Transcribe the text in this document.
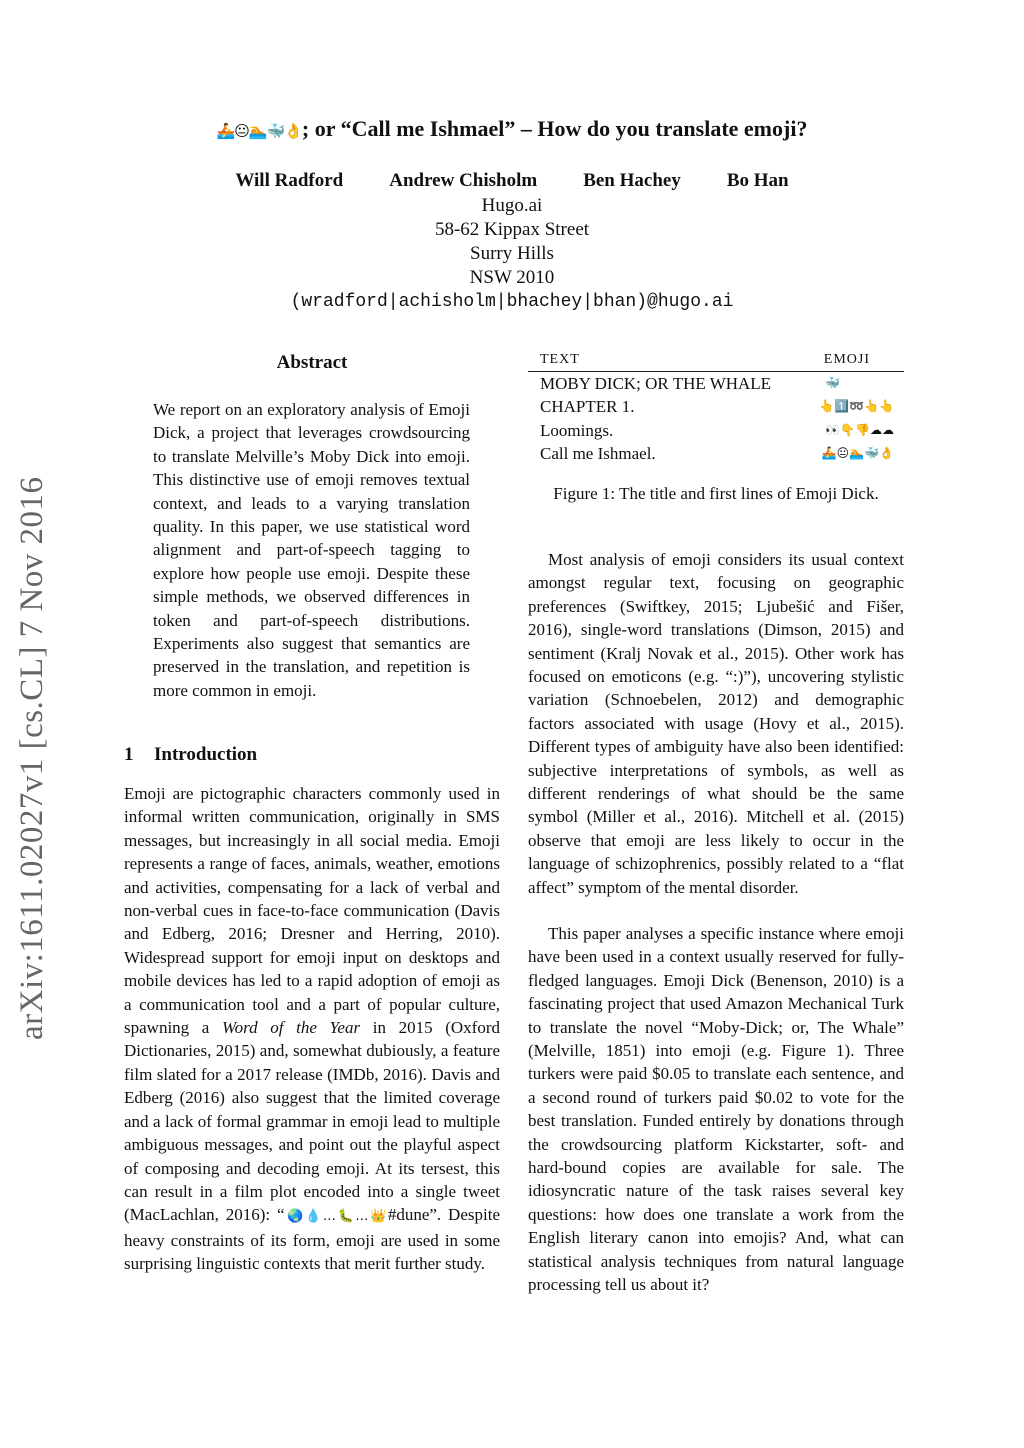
🚣😐🏊🐳👌; or “Call me Ishmael” – How do you translate emoji?
Will Radford Andrew Chisholm Ben Hachey Bo Han
Hugo.ai
58-62 Kippax Street
Surry Hills
NSW 2010
(wradford|achisholm|bhachey|bhan)@hugo.ai
arXiv:1611.02027v1 [cs.CL] 7 Nov 2016
Abstract
We report on an exploratory analysis of Emoji Dick, a project that leverages crowdsourcing to translate Melville’s Moby Dick into emoji. This distinctive use of emoji removes textual context, and leads to a varying translation quality. In this paper, we use statistical word alignment and part-of-speech tagging to explore how people use emoji. Despite these simple methods, we observed differences in token and part-of-speech distributions. Experiments also suggest that semantics are preserved in the translation, and repetition is more common in emoji.
1 Introduction
Emoji are pictographic characters commonly used in informal written communication, originally in SMS messages, but increasingly in all social media. Emoji represents a range of faces, animals, weather, emotions and activities, compensating for a lack of verbal and non-verbal cues in face-to-face communication (Davis and Edberg, 2016; Dresner and Herring, 2010). Widespread support for emoji input on desktops and mobile devices has led to a rapid adoption of emoji as a communication tool and a part of popular culture, spawning a Word of the Year in 2015 (Oxford Dictionaries, 2015) and, somewhat dubiously, a feature film slated for a 2017 release (IMDb, 2016). Davis and Edberg (2016) also suggest that the limited coverage and a lack of formal grammar in emoji lead to multiple ambiguous messages, and point out the playful aspect of composing and decoding emoji. At its tersest, this can result in a film plot encoded into a single tweet (MacLachlan, 2016): “🌏💧…🐛…👑#dune”. Despite heavy constraints of its form, emoji are used in some surprising linguistic contexts that merit further study.
TEXT	EMOJI
MOBY DICK; OR THE WHALE	🐳
CHAPTER 1.	👆1️⃣➿👆👆
Loomings.	👀👇👎☁☁
Call me Ishmael.	🚣😐🏊🐳👌
Figure 1: The title and first lines of Emoji Dick.
Most analysis of emoji considers its usual context amongst regular text, focusing on geographic preferences (Swiftkey, 2015; Ljubešić and Fišer, 2016), single-word translations (Dimson, 2015) and sentiment (Kralj Novak et al., 2015). Other work has focused on emoticons (e.g. “:)”), uncovering stylistic variation (Schnoebelen, 2012) and demographic factors associated with usage (Hovy et al., 2015). Different types of ambiguity have also been identified: subjective interpretations of symbols, as well as different renderings of what should be the same symbol (Miller et al., 2016). Mitchell et al. (2015) observe that emoji are less likely to occur in the language of schizophrenics, possibly related to a “flat affect” symptom of the mental disorder.
This paper analyses a specific instance where emoji have been used in a context usually reserved for fully-fledged languages. Emoji Dick (Benenson, 2010) is a fascinating project that used Amazon Mechanical Turk to translate the novel “Moby-Dick; or, The Whale” (Melville, 1851) into emoji (e.g. Figure 1). Three turkers were paid $0.05 to translate each sentence, and a second round of turkers paid $0.02 to vote for the best translation. Funded entirely by donations through the crowdsourcing platform Kickstarter, soft- and hard-bound copies are available for sale. The idiosyncratic nature of the task raises several key questions: how does one translate a work from the English literary canon into emojis? And, what can statistical analysis techniques from natural language processing tell us about it?
